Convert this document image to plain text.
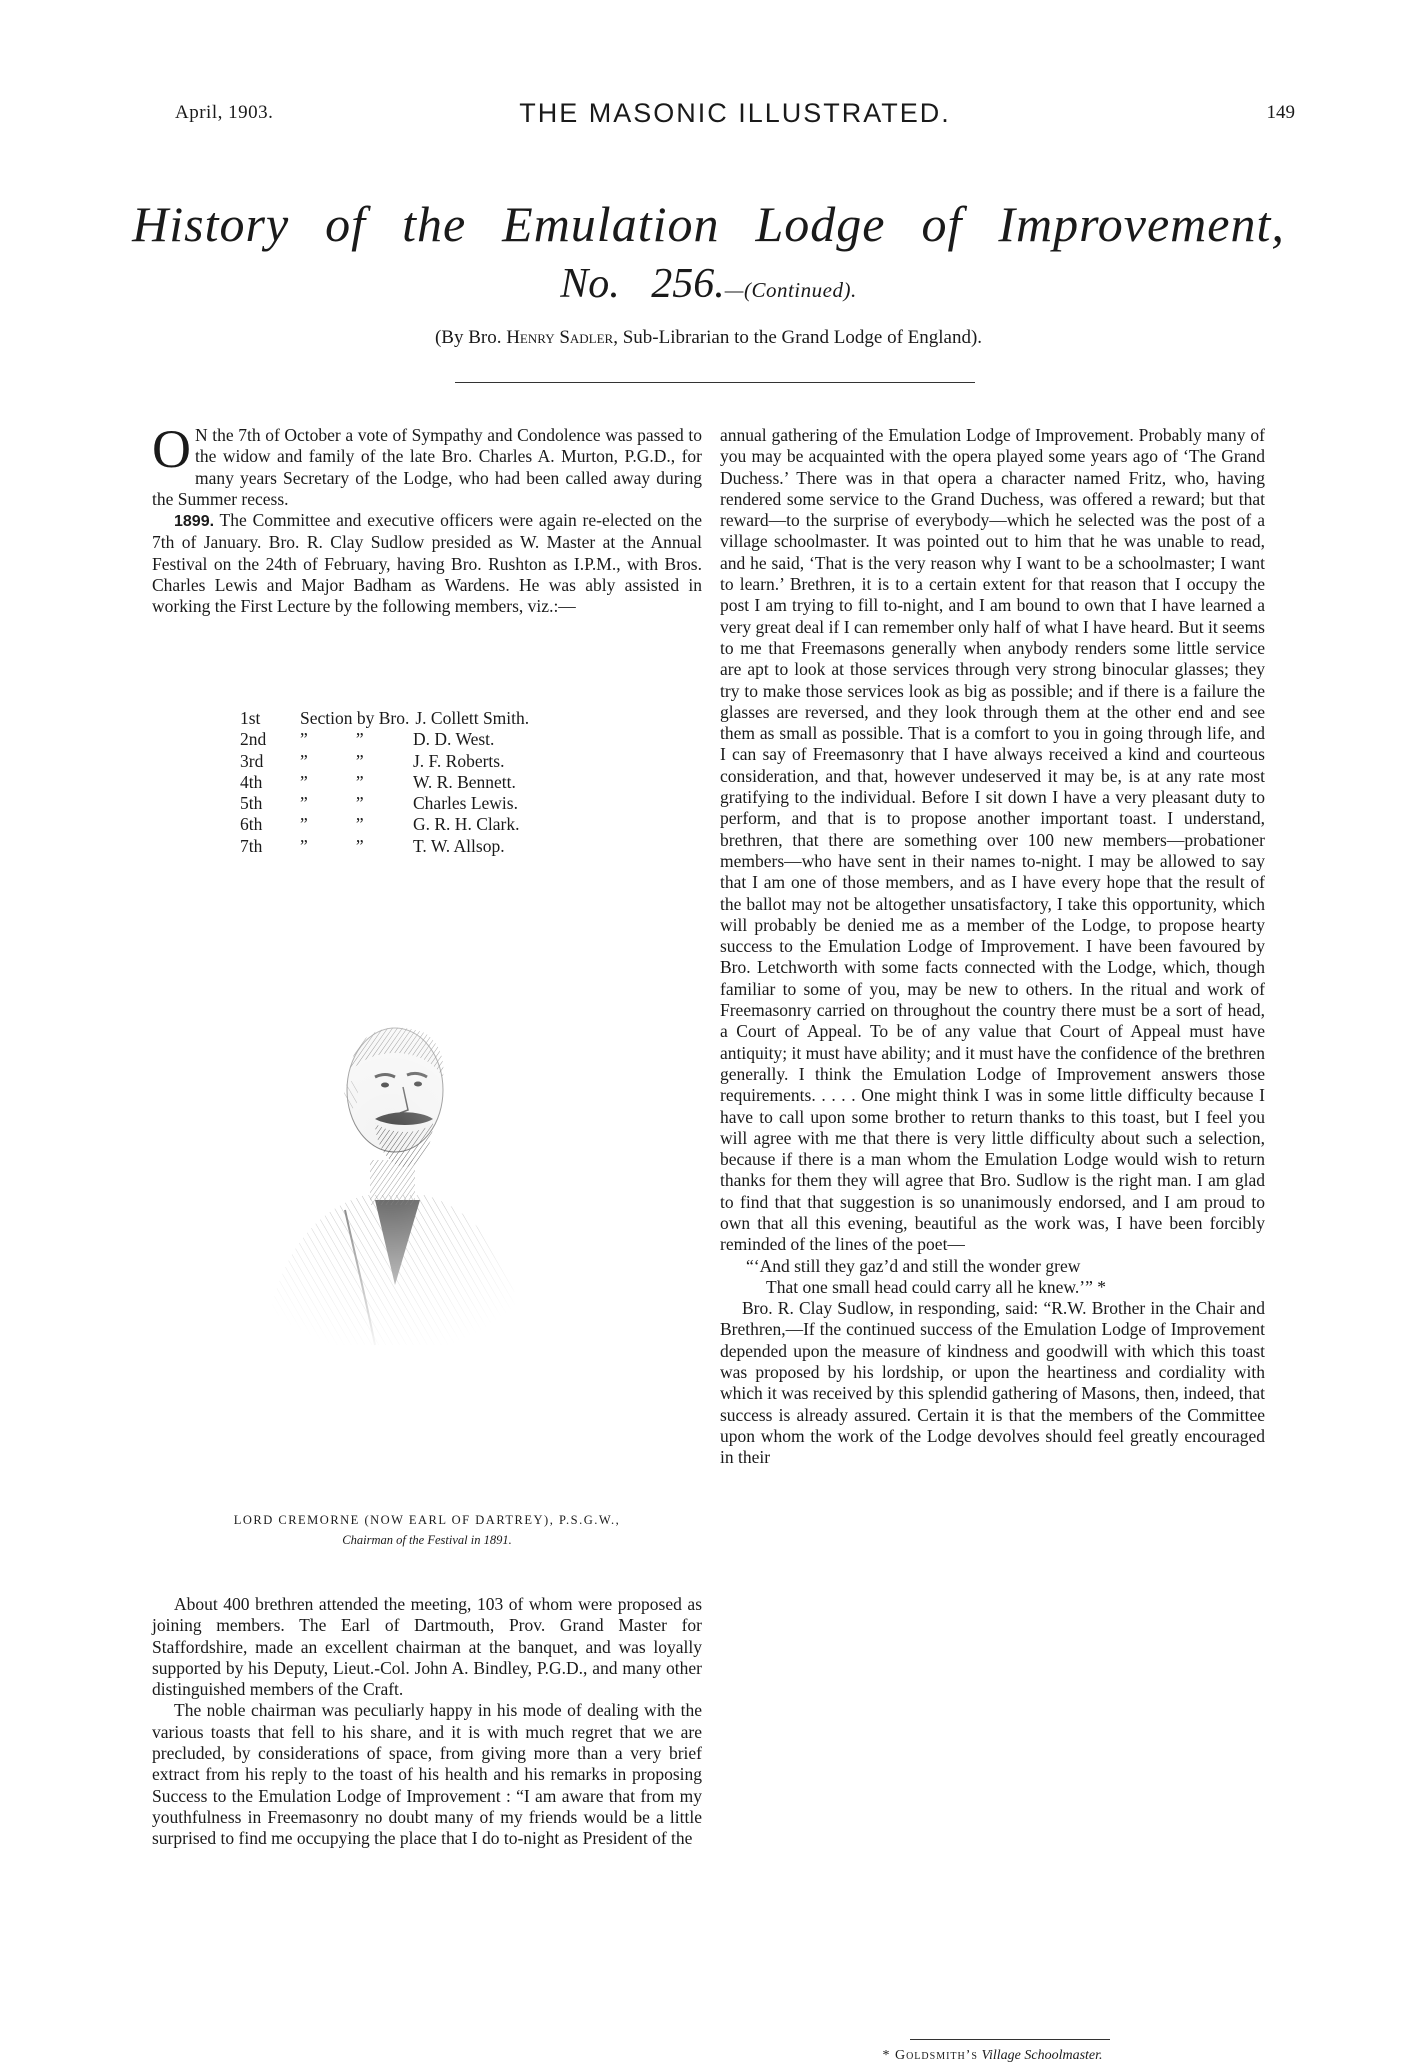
April, 1903.	THE MASONIC ILLUSTRATED.	149
History of the Emulation Lodge of Improvement,
No. 256.—(Continued).
(By Bro. Henry Sadler, Sub-Librarian to the Grand Lodge of England).

O N the 7th of October a vote of Sympathy and Condolence was passed to the widow and family of the late Bro. Charles A. Murton, P.G.D., for many years Secretary of the Lodge, who had been called away during the Summer recess.

1899. The Committee and executive officers were again re-elected on the 7th of January. Bro. R. Clay Sudlow presided as W. Master at the Annual Festival on the 24th of February, having Bro. Rushton as I.P.M., with Bros. Charles Lewis and Major Badham as Wardens. He was ably assisted in working the First Lecture by the following members, viz.:—

1st	Section by Bro. J. Collett Smith.
2nd	”           ”	D. D. West.
3rd	”           ”	J. F. Roberts.
4th	”           ”	W. R. Bennett.
5th	”           ”	Charles Lewis.
6th	”           ”	G. R. H. Clark.
7th	”           ”	T. W. Allsop.
LORD CREMORNE (NOW EARL OF DARTREY), P.S.G.W.,
Chairman of the Festival in 1891.

About 400 brethren attended the meeting, 103 of whom were proposed as joining members. The Earl of Dartmouth, Prov. Grand Master for Staffordshire, made an excellent chairman at the banquet, and was loyally supported by his Deputy, Lieut.-Col. John A. Bindley, P.G.D., and many other distinguished members of the Craft.

The noble chairman was peculiarly happy in his mode of dealing with the various toasts that fell to his share, and it is with much regret that we are precluded, by considerations of space, from giving more than a very brief extract from his reply to the toast of his health and his remarks in proposing Success to the Emulation Lodge of Improvement : “I am aware that from my youthfulness in Freemasonry no doubt many of my friends would be a little surprised to find me occupying the place that I do to-night as President of the

annual gathering of the Emulation Lodge of Improvement. Probably many of you may be acquainted with the opera played some years ago of ‘The Grand Duchess.’ There was in that opera a character named Fritz, who, having rendered some service to the Grand Duchess, was offered a reward; but that reward—to the surprise of everybody—which he selected was the post of a village schoolmaster. It was pointed out to him that he was unable to read, and he said, ‘That is the very reason why I want to be a schoolmaster; I want to learn.’ Brethren, it is to a certain extent for that reason that I occupy the post I am trying to fill to-night, and I am bound to own that I have learned a very great deal if I can remember only half of what I have heard. But it seems to me that Freemasons generally when anybody renders some little service are apt to look at those services through very strong binocular glasses; they try to make those services look as big as possible; and if there is a failure the glasses are reversed, and they look through them at the other end and see them as small as possible. That is a comfort to you in going through life, and I can say of Freemasonry that I have always received a kind and courteous consideration, and that, however undeserved it may be, is at any rate most gratifying to the individual. Before I sit down I have a very pleasant duty to perform, and that is to propose another important toast. I understand, brethren, that there are something over 100 new members—probationer members—who have sent in their names to-night. I may be allowed to say that I am one of those members, and as I have every hope that the result of the ballot may not be altogether unsatisfactory, I take this opportunity, which will probably be denied me as a member of the Lodge, to propose hearty success to the Emulation Lodge of Improvement. I have been favoured by Bro. Letchworth with some facts connected with the Lodge, which, though familiar to some of you, may be new to others. In the ritual and work of Freemasonry carried on throughout the country there must be a sort of head, a Court of Appeal. To be of any value that Court of Appeal must have antiquity; it must have ability; and it must have the confidence of the brethren generally. I think the Emulation Lodge of Improvement answers those requirements. . . . . One might think I was in some little difficulty because I have to call upon some brother to return thanks to this toast, but I feel you will agree with me that there is very little difficulty about such a selection, because if there is a man whom the Emulation Lodge would wish to return thanks for them they will agree that Bro. Sudlow is the right man. I am glad to find that that suggestion is so unanimously endorsed, and I am proud to own that all this evening, beautiful as the work was, I have been forcibly reminded of the lines of the poet—

“‘And still they gaz’d and still the wonder grew

That one small head could carry all he knew.’” *

Bro. R. Clay Sudlow, in responding, said: “R.W. Brother in the Chair and Brethren,—If the continued success of the Emulation Lodge of Improvement depended upon the measure of kindness and goodwill with which this toast was proposed by his lordship, or upon the heartiness and cordiality with which it was received by this splendid gathering of Masons, then, indeed, that success is already assured. Certain it is that the members of the Committee upon whom the work of the Lodge devolves should feel greatly encouraged in their

* Goldsmith’s Village Schoolmaster.
